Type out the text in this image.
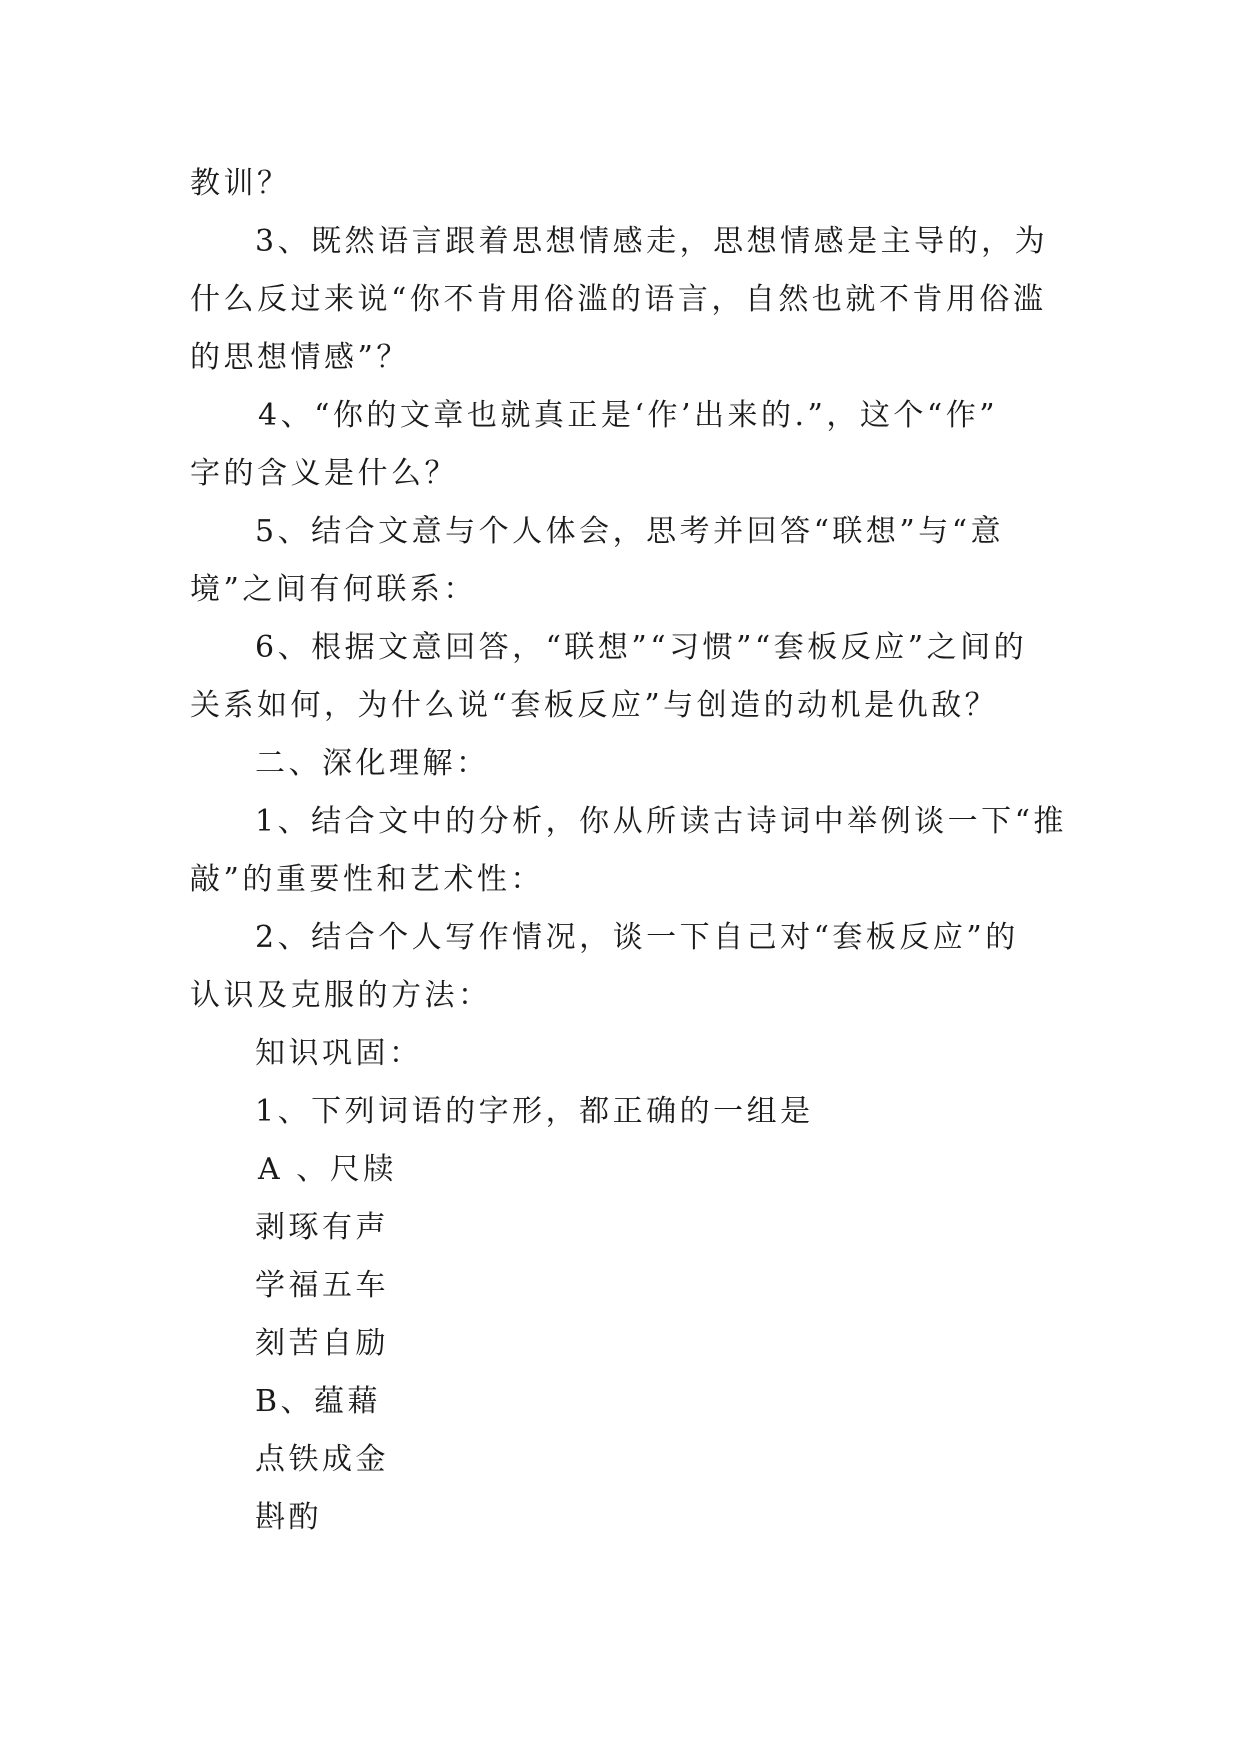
教训？
3、既然语言跟着思想情感走，思想情感是主导的，为
什么反过来说“你不肯用俗滥的语言，自然也就不肯用俗滥
的思想情感”？
4、“你的文章也就真正是‘作’出来的.”，这个“作”
字的含义是什么？
5、结合文意与个人体会，思考并回答“联想”与“意
境”之间有何联系：
6、根据文意回答，“联想”“习惯”“套板反应”之间的
关系如何，为什么说“套板反应”与创造的动机是仇敌？
二、深化理解：
1、结合文中的分析，你从所读古诗词中举例谈一下“推
敲”的重要性和艺术性：
2、结合个人写作情况，谈一下自己对“套板反应”的
认识及克服的方法：
知识巩固：
1、下列词语的字形，都正确的一组是
A 、尺牍
剥琢有声
学福五车
刻苦自励
B、蕴藉
点铁成金
斟酌
